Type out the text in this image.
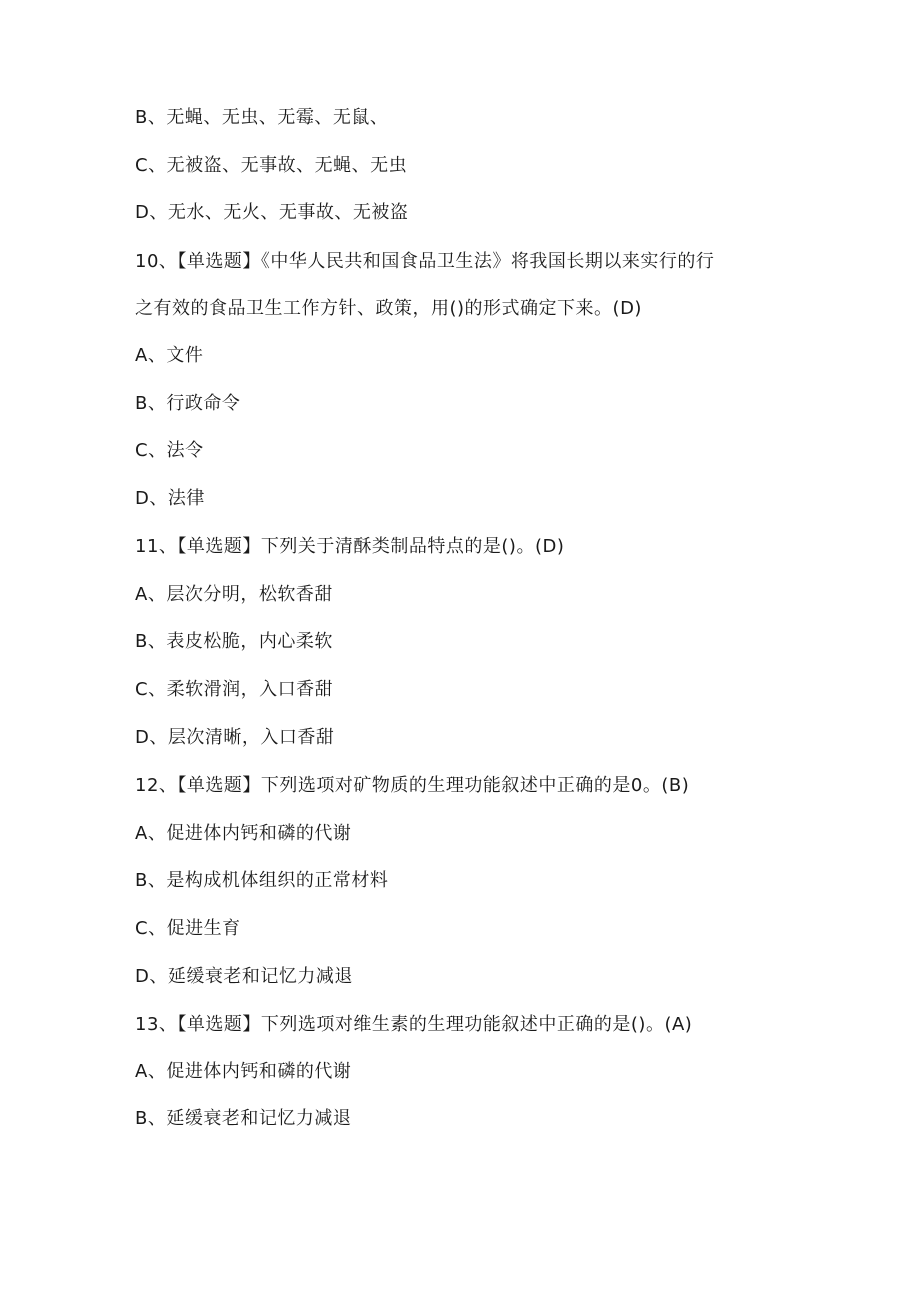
B、无蝇、无虫、无霉、无鼠、
C、无被盗、无事故、无蝇、无虫
D、无水、无火、无事故、无被盗
10、【单选题】《中华人民共和国食品卫生法》将我国长期以来实行的行
之有效的食品卫生工作方针、政策，用()的形式确定下来。(D)
A、文件
B、行政命令
C、法令
D、法律
11、【单选题】下列关于清酥类制品特点的是()。(D)
A、层次分明，松软香甜
B、表皮松脆，内心柔软
C、柔软滑润，入口香甜
D、层次清晰，入口香甜
12、【单选题】下列选项对矿物质的生理功能叙述中正确的是0。(B)
A、促进体内钙和磷的代谢
B、是构成机体组织的正常材料
C、促进生育
D、延缓衰老和记忆力减退
13、【单选题】下列选项对维生素的生理功能叙述中正确的是()。(A)
A、促进体内钙和磷的代谢
B、延缓衰老和记忆力减退
